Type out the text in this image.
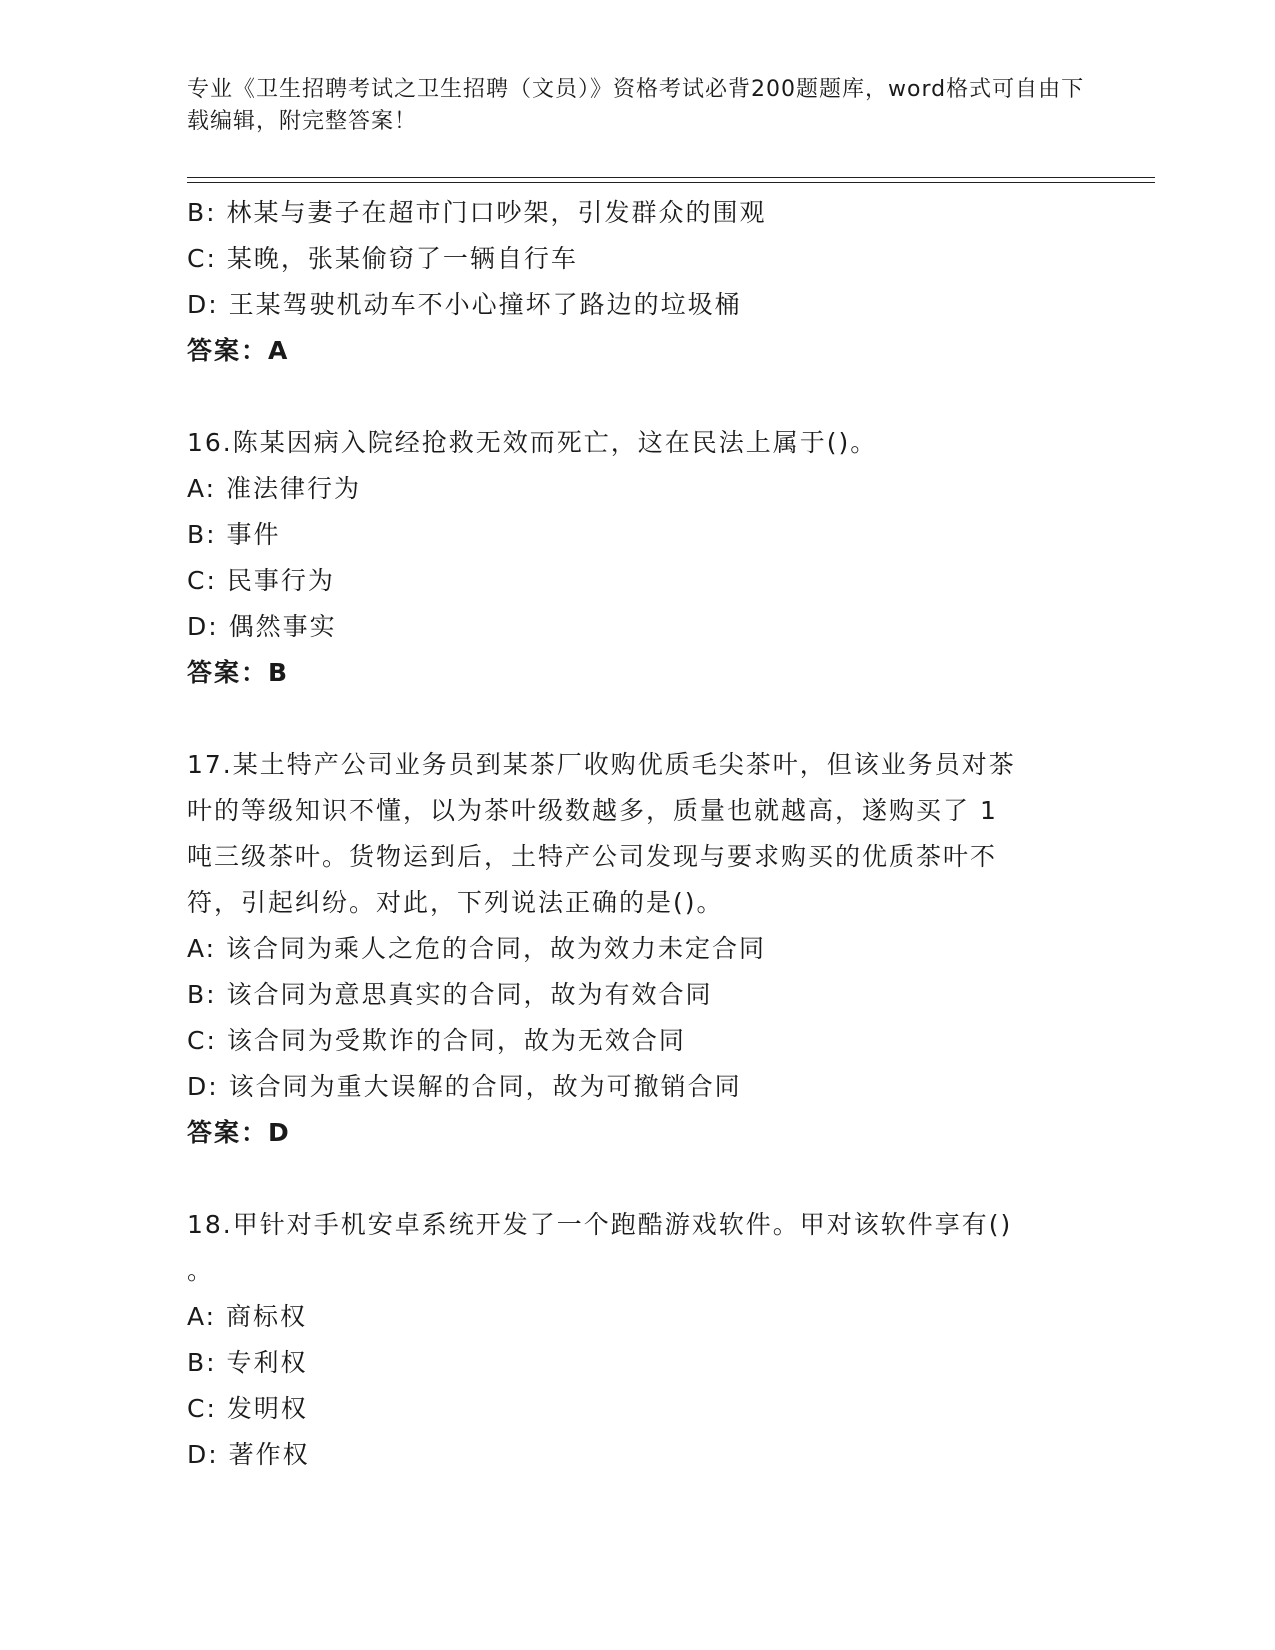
专业《卫生招聘考试之卫生招聘（文员）》资格考试必背200题题库，word格式可自由下载编辑，附完整答案！
B: 林某与妻子在超市门口吵架，引发群众的围观
C: 某晚，张某偷窃了一辆自行车
D: 王某驾驶机动车不小心撞坏了路边的垃圾桶
答案：A
16.陈某因病入院经抢救无效而死亡，这在民法上属于()。
A: 准法律行为
B: 事件
C: 民事行为
D: 偶然事实
答案：B
17.某土特产公司业务员到某茶厂收购优质毛尖茶叶，但该业务员对茶
叶的等级知识不懂，以为茶叶级数越多，质量也就越高，遂购买了 1
吨三级茶叶。货物运到后，土特产公司发现与要求购买的优质茶叶不
符，引起纠纷。对此，下列说法正确的是()。
A: 该合同为乘人之危的合同，故为效力未定合同
B: 该合同为意思真实的合同，故为有效合同
C: 该合同为受欺诈的合同，故为无效合同
D: 该合同为重大误解的合同，故为可撤销合同
答案：D
18.甲针对手机安卓系统开发了一个跑酷游戏软件。甲对该软件享有()
。
A: 商标权
B: 专利权
C: 发明权
D: 著作权
